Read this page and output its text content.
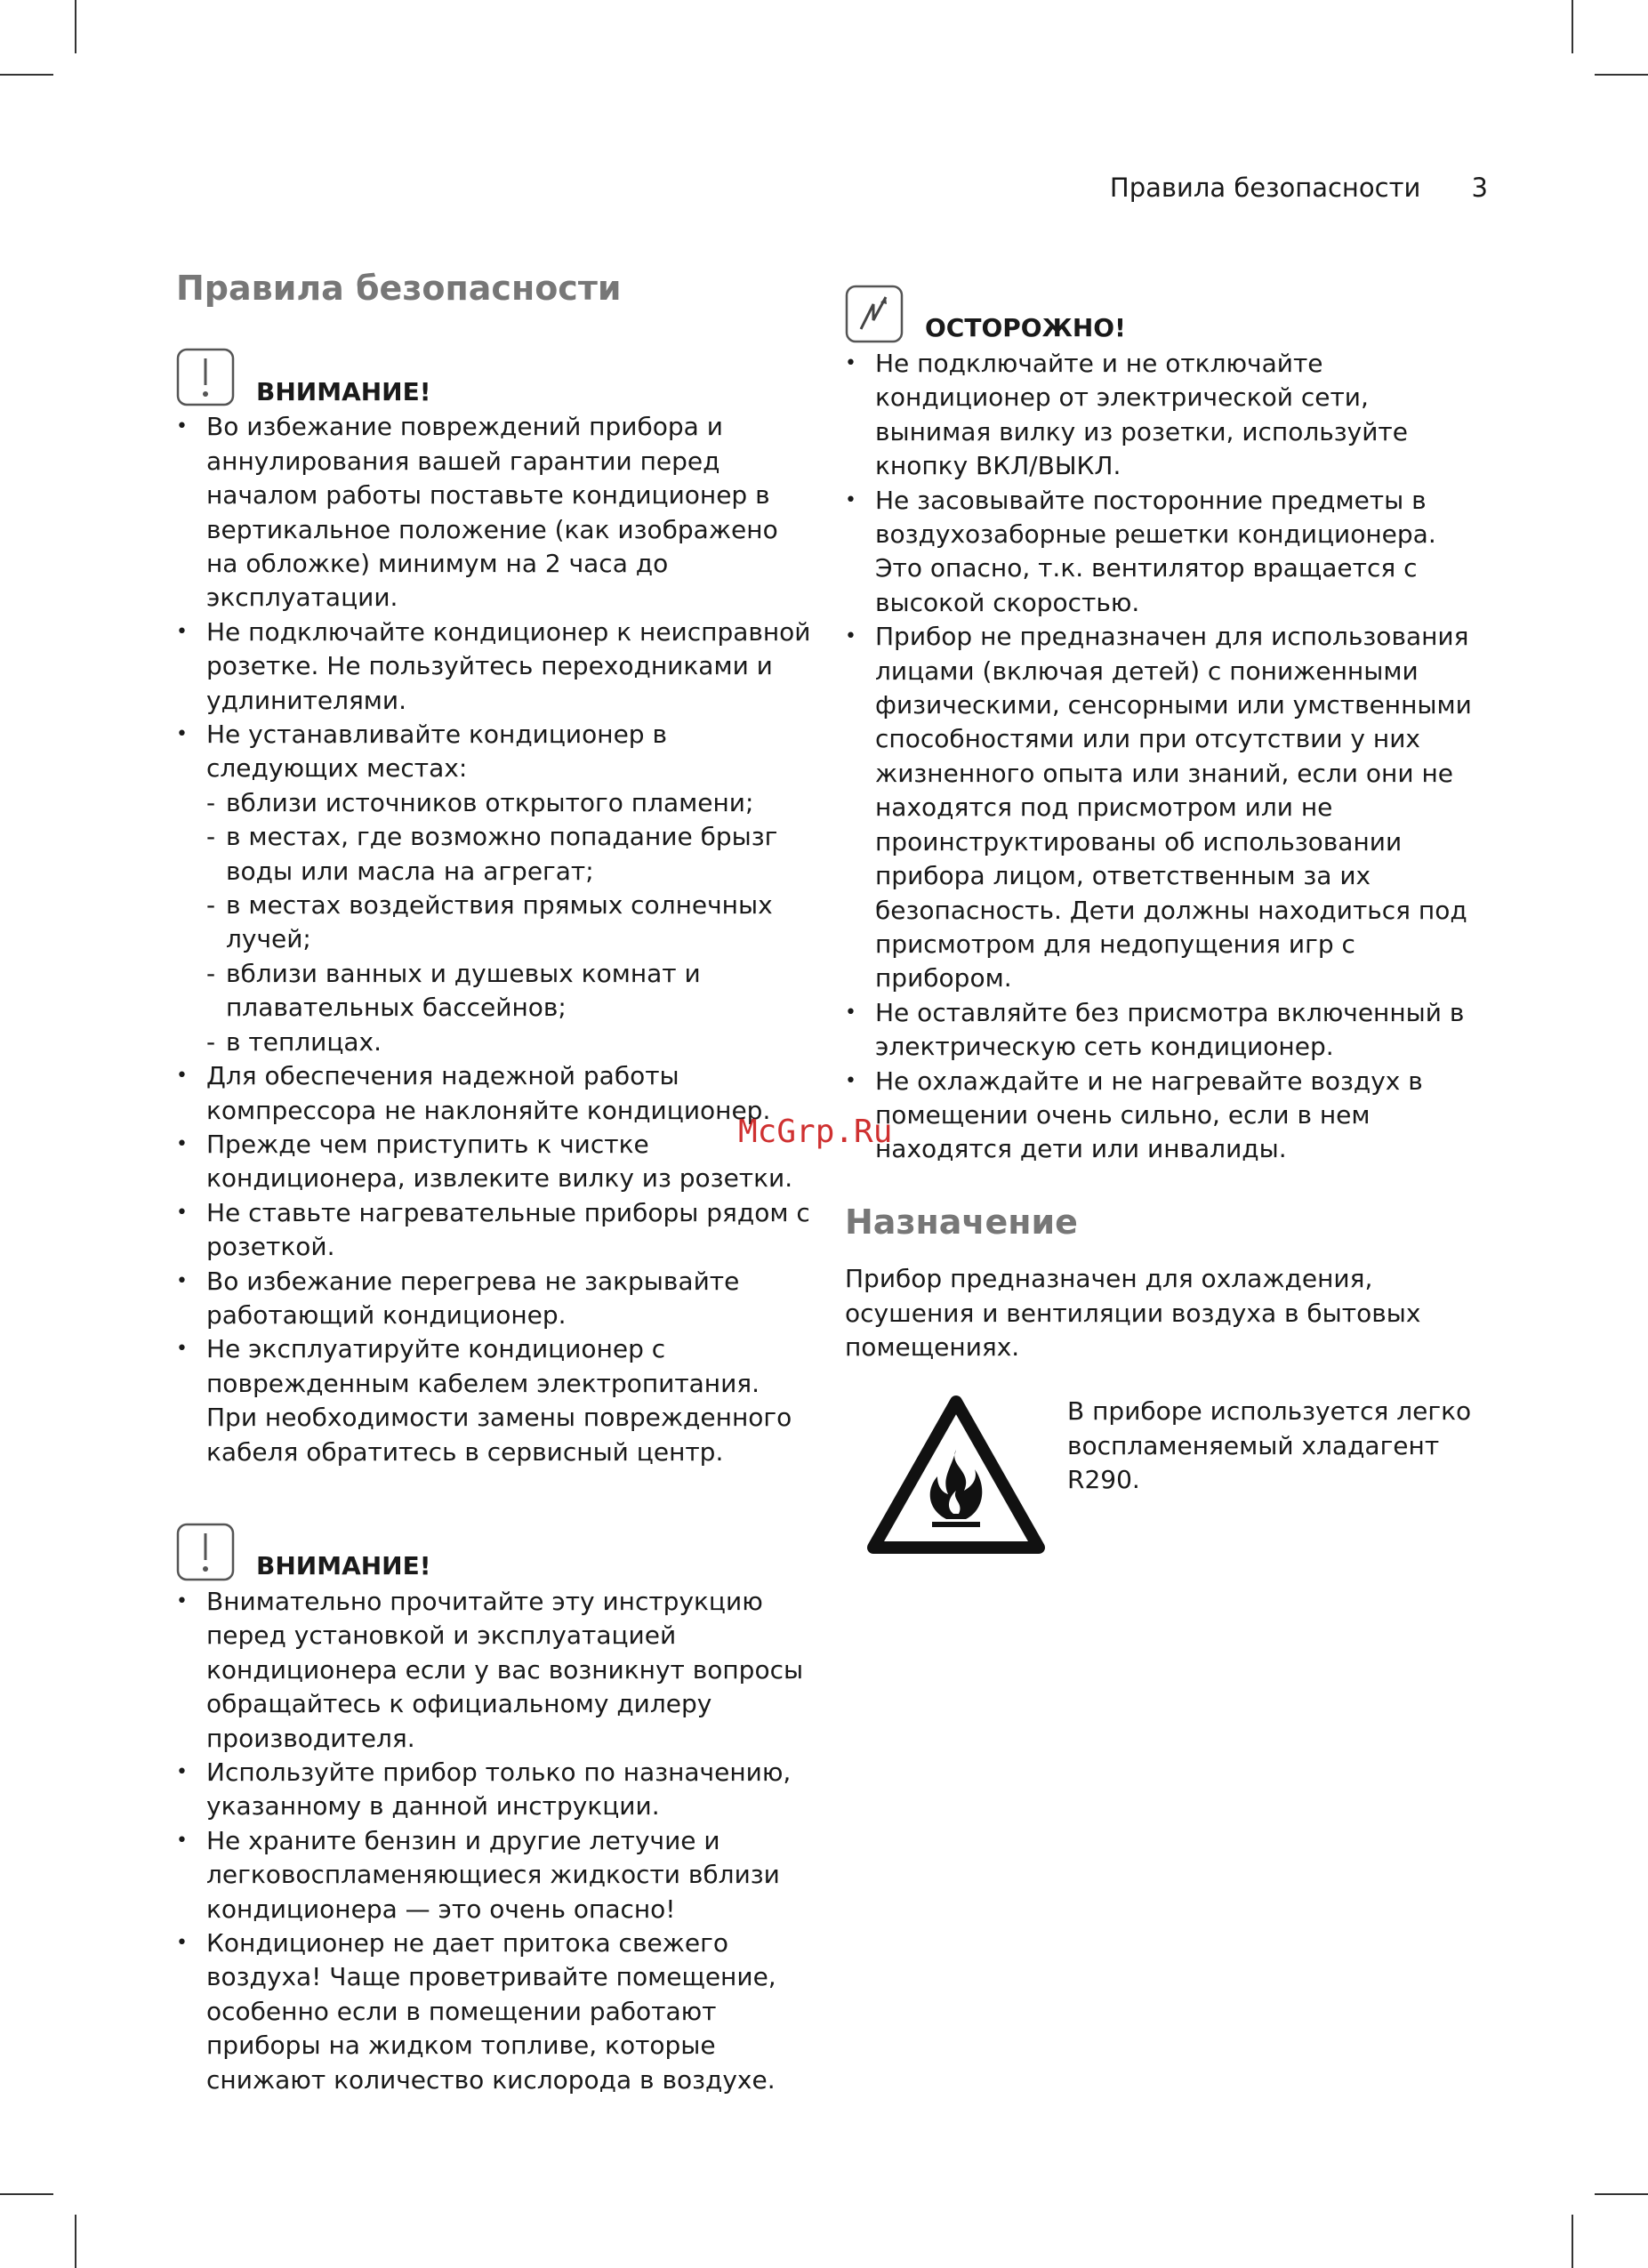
Правила безопасности 3
Правила безопасности
ВНИМАНИЕ!
• Во избежание повреждений прибора и аннулирования вашей гарантии перед началом работы поставьте кондиционер в вертикальное положение (как изображено на обложке) минимум на 2 часа до эксплуатации.
• Не подключайте кондиционер к неисправной розетке. Не пользуйтесь переходниками и удлинителями.
• Не устанавливайте кондиционер в следующих местах:
- вблизи источников открытого пламени;
- в местах, где возможно попадание брызг воды или масла на агрегат;
- в местах воздействия прямых солнечных лучей;
- вблизи ванных и душевых комнат и плавательных бассейнов;
- в теплицах.
• Для обеспечения надежной работы компрессора не наклоняйте кондиционер.
• Прежде чем приступить к чистке кондиционера, извлеките вилку из розетки.
• Не ставьте нагревательные приборы рядом с розеткой.
• Во избежание перегрева не закрывайте работающий кондиционер.
• Не эксплуатируйте кондиционер с поврежденным кабелем электропитания. При необходимости замены поврежденного кабеля обратитесь в сервисный центр.
ВНИМАНИЕ!
• Внимательно прочитайте эту инструкцию перед установкой и эксплуатацией кондиционера если у вас возникнут вопросы обращайтесь к официальному дилеру производителя.
• Используйте прибор только по назначению, указанному в данной инструкции.
• Не храните бензин и другие летучие и легковоспламеняющиеся жидкости вблизи кондиционера — это очень опасно!
• Кондиционер не дает притока свежего воздуха! Чаще проветривайте помещение, особенно если в помещении работают приборы на жидком топливе, которые снижают количество кислорода в воздухе.
ОСТОРОЖНО!
• Не подключайте и не отключайте кондиционер от электрической сети, вынимая вилку из розетки, используйте кнопку ВКЛ/ВЫКЛ.
• Не засовывайте посторонние предметы в воздухозаборные решетки кондиционера. Это опасно, т.к. вентилятор вращается с высокой скоростью.
• Прибор не предназначен для использования лицами (включая детей) с пониженными физическими, сенсорными или умственными способностями или при отсутствии у них жизненного опыта или знаний, если они не находятся под присмотром или не проинструктированы об использовании прибора лицом, ответственным за их безопасность. Дети должны находиться под присмотром для недопущения игр с прибором.
• Не оставляйте без присмотра включенный в электрическую сеть кондиционер.
• Не охлаждайте и не нагревайте воздух в помещении очень сильно, если в нем находятся дети или инвалиды.
Назначение

Прибор предназначен для охлаждения, осушения и вентиляции воздуха в бытовых помещениях.

В приборе используется легко воспламеняемый хладагент R290.
McGrp.Ru
